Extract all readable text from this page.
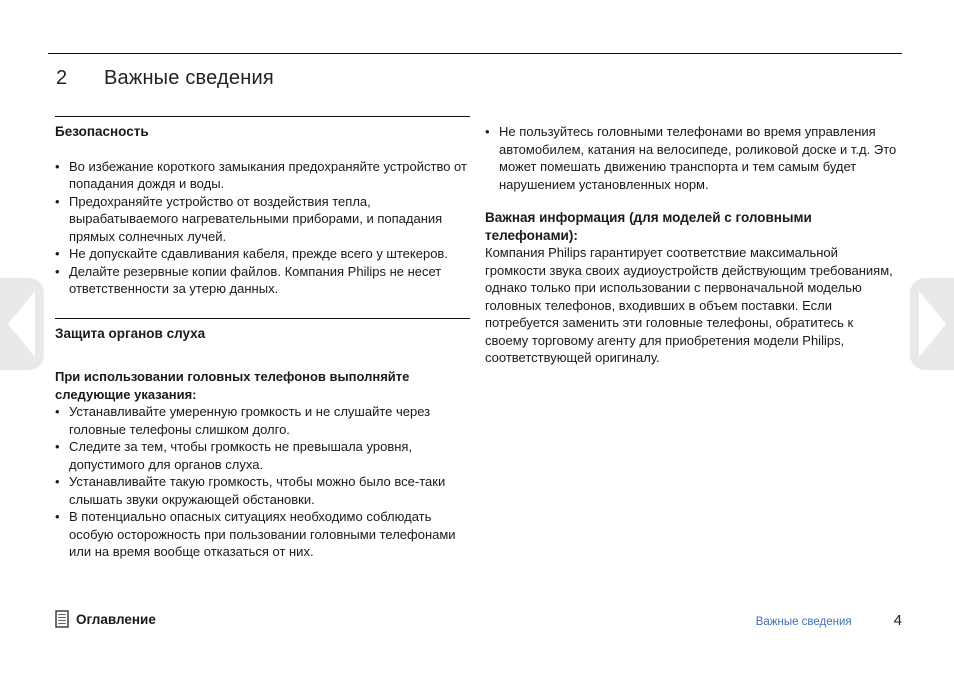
2 Важные сведения
Безопасность
• Во избежание короткого замыкания предохраняйте устройство от попадания дождя и воды.
• Предохраняйте устройство от воздействия тепла, вырабатываемого нагревательными приборами, и попадания прямых солнечных лучей.
• Не допускайте сдавливания кабеля, прежде всего у штекеров.
• Делайте резервные копии файлов. Компания Philips не несет ответственности за утерю данных.
Защита органов слуха

При использовании головных телефонов выполняйте следующие указания:

• Устанавливайте умеренную громкость и не слушайте через головные телефоны слишком долго.
• Следите за тем, чтобы громкость не превышала уровня, допустимого для органов слуха.
• Устанавливайте такую громкость, чтобы можно было все-таки слышать звуки окружающей обстановки.
• В потенциально опасных ситуациях необходимо соблюдать особую осторожность при пользовании головными телефонами или на время вообще отказаться от них.
• Не пользуйтесь головными телефонами во время управления автомобилем, катания на велосипеде, роликовой доске и т.д. Это может помешать движению транспорта и тем самым будет нарушением установленных норм.
Важная информация (для моделей с головными телефонами):

Компания Philips гарантирует соответствие максимальной громкости звука своих аудиоустройств действующим требованиям, однако только при использовании с первоначальной моделью головных телефонов, входивших в объем поставки. Если потребуется заменить эти головные телефоны, обратитесь к своему торговому агенту для приобретения модели Philips, соответствующей оригиналу.

Оглавление	Важные сведения	4
